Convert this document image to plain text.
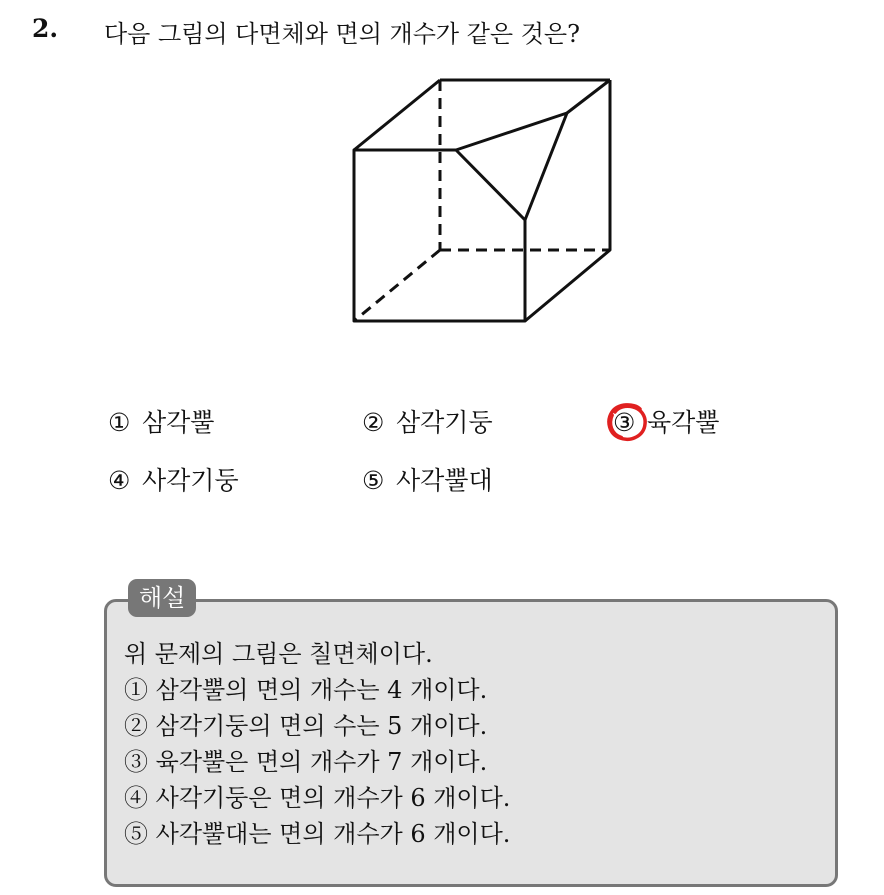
2. 다음 그림의 다면체와 면의 개수가 같은 것은?
① 삼각뿔	② 삼각기둥	③ 육각뿔
④ 사각기둥	⑤ 사각뿔대
해설
위 문제의 그림은 칠면체이다.
① 삼각뿔의 면의 개수는 4 개이다.
② 삼각기둥의 면의 수는 5 개이다.
③ 육각뿔은 면의 개수가 7 개이다.
④ 사각기둥은 면의 개수가 6 개이다.
⑤ 사각뿔대는 면의 개수가 6 개이다.
